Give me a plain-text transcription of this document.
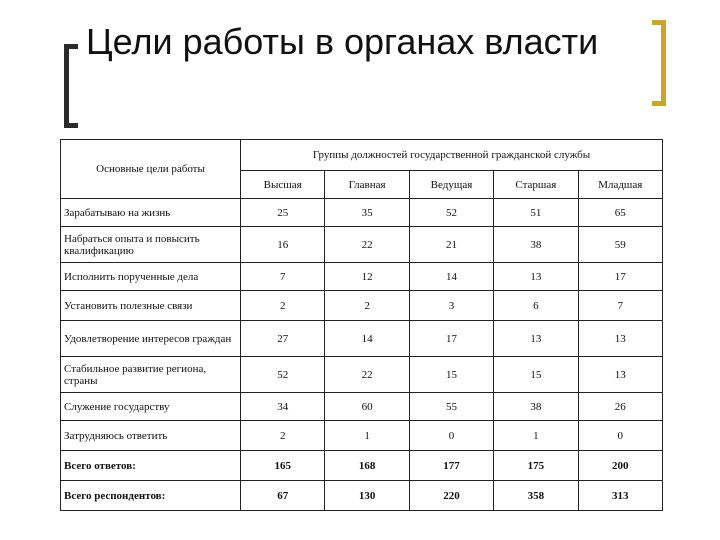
Цели работы в органах власти
Основные цели работы	Группы должностей государственной гражданской службы				
	Высшая	Главная	Ведущая	Старшая	Младшая
Зарабатываю на жизнь	25	35	52	51	65
Набраться опыта и повысить квалификацию	16	22	21	38	59
Исполнить порученные дела	7	12	14	13	17
Установить полезные связи	2	2	3	6	7
Удовлетворение интересов граждан	27	14	17	13	13
Стабильное развитие региона, страны	52	22	15	15	13
Служение государству	34	60	55	38	26
Затрудняюсь ответить	2	1	0	1	0
Всего ответов:	165	168	177	175	200
Всего респондентов:	67	130	220	358	313
